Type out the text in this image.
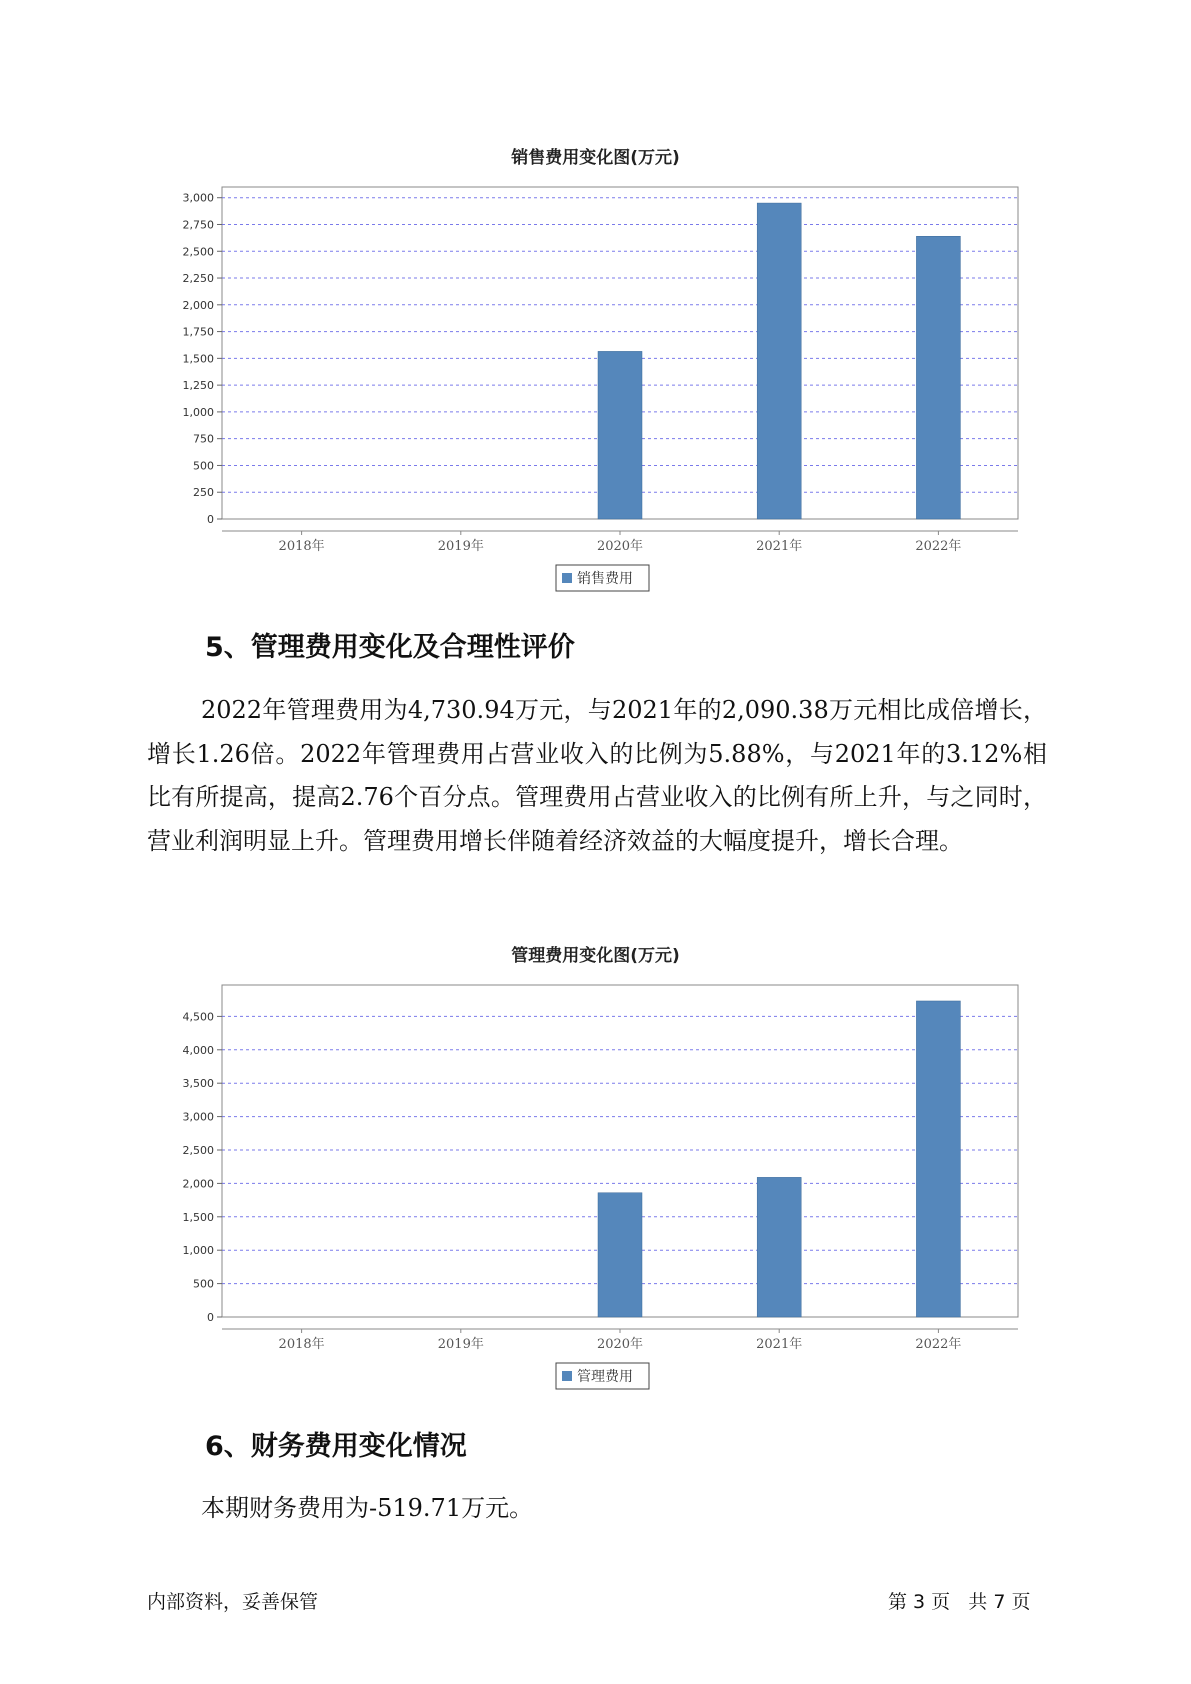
销售费用变化图(万元)
0
250
500
750
1,000
1,250
1,500
1,750
2,000
2,250
2,500
2,750
3,000
2018年	2019年	2020年	2021年	2022年
销售费用
5、管理费用变化及合理性评价

2022年管理费用为4,730.94万元，与2021年的2,090.38万元相比成倍增长，增长1.26倍。2022年管理费用占营业收入的比例为5.88%，与2021年的3.12%相比有所提高，提高2.76个百分点。管理费用占营业收入的比例有所上升，与之同时，营业利润明显上升。管理费用增长伴随着经济效益的大幅度提升，增长合理。

管理费用变化图(万元)
0
500
1,000
1,500
2,000
2,500
3,000
3,500
4,000
4,500
2018年	2019年	2020年	2021年	2022年
管理费用
6、财务费用变化情况

本期财务费用为-519.71万元。

内部资料，妥善保管	第 3 页   共 7 页
